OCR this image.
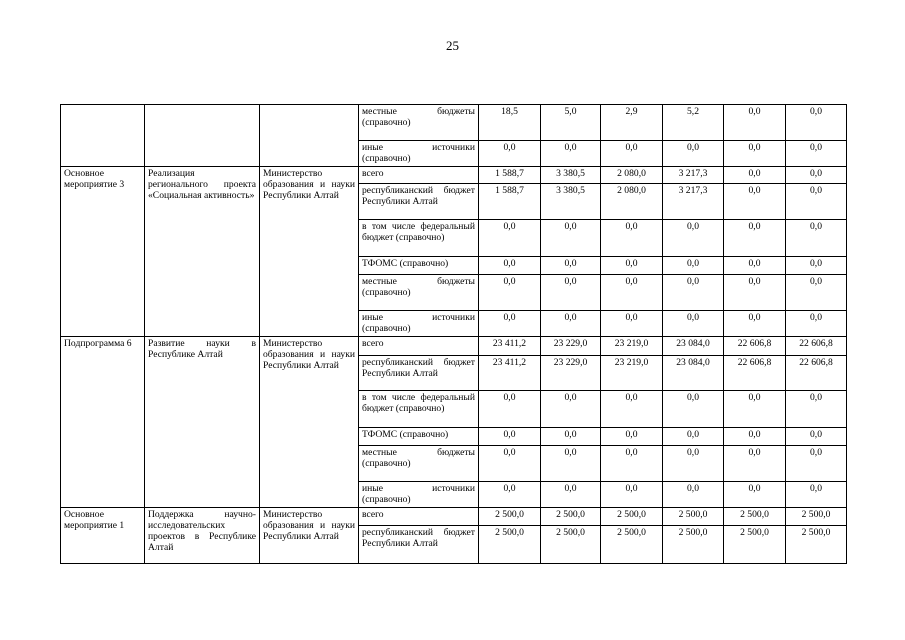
25
			местные бюджеты (справочно)	18,5	5,0	2,9	5,2	0,0	0,0
			иные источники (справочно)	0,0	0,0	0,0	0,0	0,0	0,0
Основное мероприятие 3	Реализация регионального проекта «Социальная активность»	Министерство образования и науки Республики Алтай	всего	1 588,7	3 380,5	2 080,0	3 217,3	0,0	0,0
			республиканский бюджет Республики Алтай	1 588,7	3 380,5	2 080,0	3 217,3	0,0	0,0
			в том числе федеральный бюджет (справочно)	0,0	0,0	0,0	0,0	0,0	0,0
			ТФОМС (справочно)	0,0	0,0	0,0	0,0	0,0	0,0
			местные бюджеты (справочно)	0,0	0,0	0,0	0,0	0,0	0,0
			иные источники (справочно)	0,0	0,0	0,0	0,0	0,0	0,0
Подпрограмма 6	Развитие науки в Республике Алтай	Министерство образования и науки Республики Алтай	всего	23 411,2	23 229,0	23 219,0	23 084,0	22 606,8	22 606,8
			республиканский бюджет Республики Алтай	23 411,2	23 229,0	23 219,0	23 084,0	22 606,8	22 606,8
			в том числе федеральный бюджет (справочно)	0,0	0,0	0,0	0,0	0,0	0,0
			ТФОМС (справочно)	0,0	0,0	0,0	0,0	0,0	0,0
			местные бюджеты (справочно)	0,0	0,0	0,0	0,0	0,0	0,0
			иные источники (справочно)	0,0	0,0	0,0	0,0	0,0	0,0
Основное мероприятие 1	Поддержка научно-исследовательских проектов в Республике Алтай	Министерство образования и науки Республики Алтай	всего	2 500,0	2 500,0	2 500,0	2 500,0	2 500,0	2 500,0
			республиканский бюджет Республики Алтай	2 500,0	2 500,0	2 500,0	2 500,0	2 500,0	2 500,0
